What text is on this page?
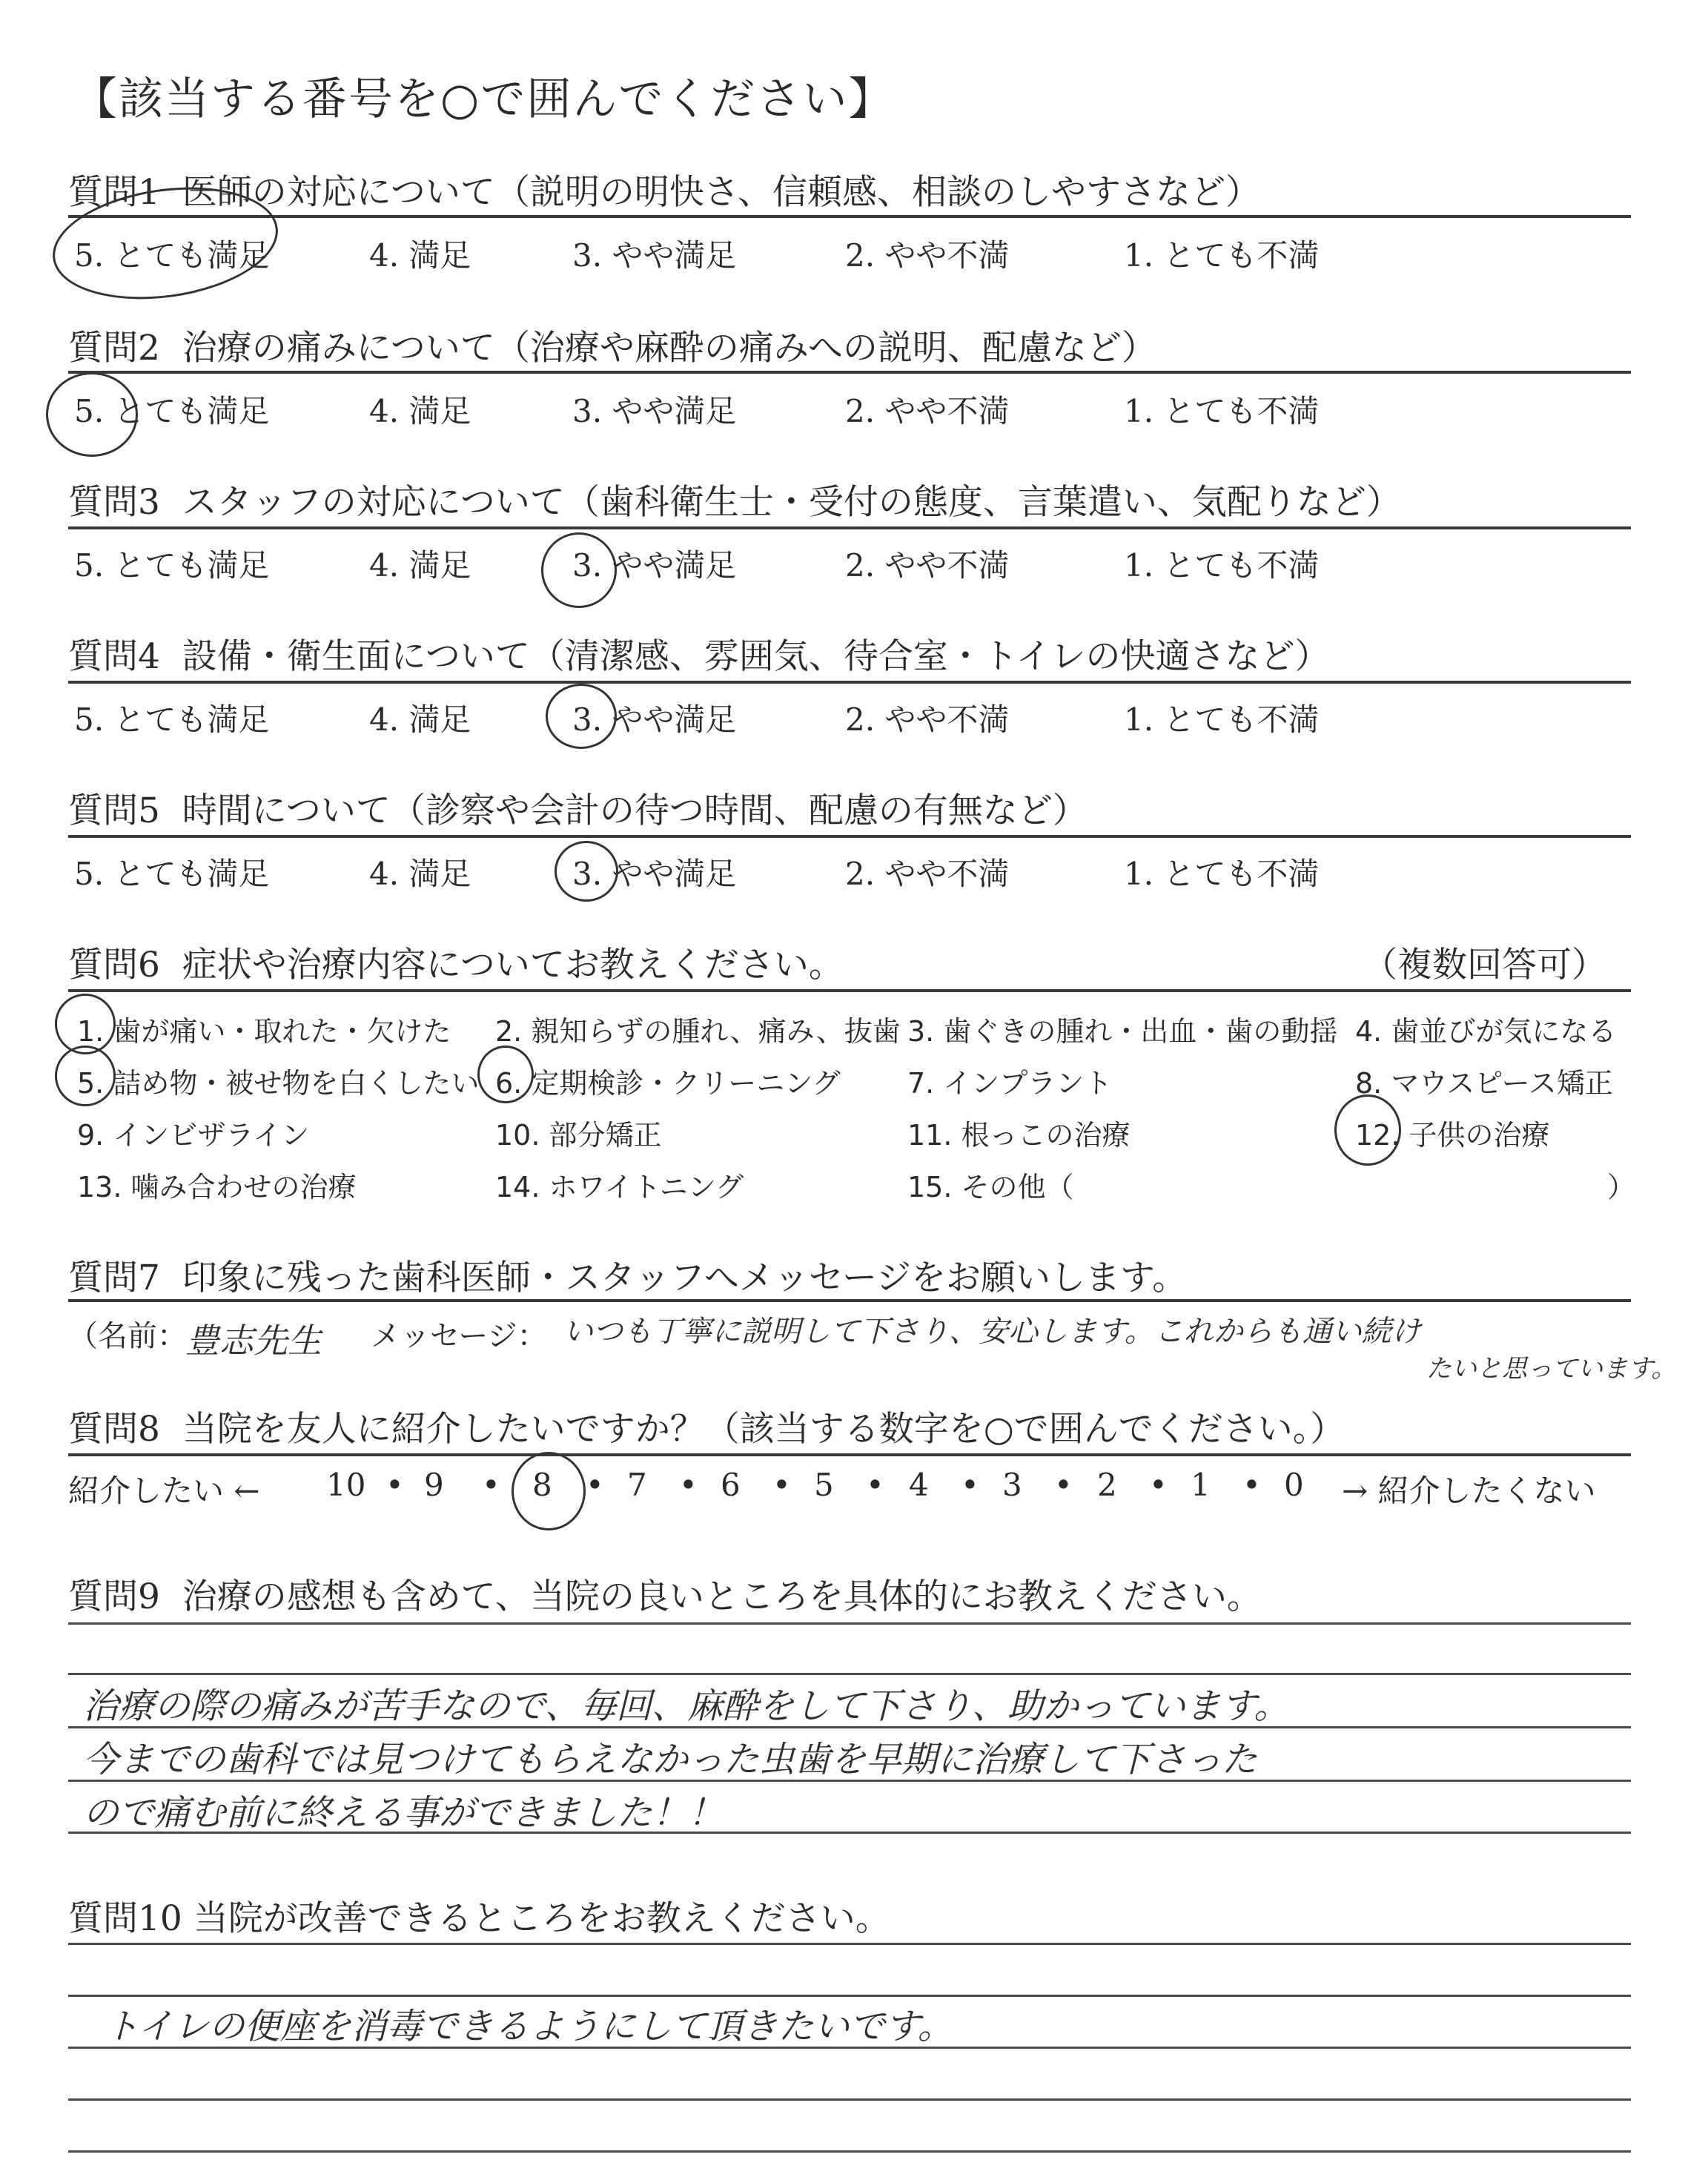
【該当する番号を○で囲んでください】
質問1 医師の対応について（説明の明快さ、信頼感、相談のしやすさなど）
5. とても満足	4. 満足	3. やや満足	2. やや不満	1. とても不満
質問2 治療の痛みについて（治療や麻酔の痛みへの説明、配慮など）
5. とても満足	4. 満足	3. やや満足	2. やや不満	1. とても不満
質問3 スタッフの対応について（歯科衛生士・受付の態度、言葉遣い、気配りなど）
5. とても満足	4. 満足	3. やや満足	2. やや不満	1. とても不満
質問4 設備・衛生面について（清潔感、雰囲気、待合室・トイレの快適さなど）
5. とても満足	4. 満足	3. やや満足	2. やや不満	1. とても不満
質問5 時間について（診察や会計の待つ時間、配慮の有無など）
5. とても満足	4. 満足	3. やや満足	2. やや不満	1. とても不満
質問6 症状や治療内容についてお教えください。	（複数回答可）
1. 歯が痛い・取れた・欠けた 2. 親知らずの腫れ、痛み、抜歯 3. 歯ぐきの腫れ・出血・歯の動揺 4. 歯並びが気になる
5. 詰め物・被せ物を白くしたい 6. 定期検診・クリーニング 7. インプラント	8. マウスピース矯正
9. インビザライン	10. 部分矯正	11. 根っこの治療	12. 子供の治療
13. 噛み合わせの治療	14. ホワイトニング	15. その他（	）
質問7 印象に残った歯科医師・スタッフへメッセージをお願いします。
（名前：
豊志先生 メッセージ： いつも丁寧に説明して下さり、安心します。これからも通い続け
たいと思っています。
質問8 当院を友人に紹介したいですか？（該当する数字を○で囲んでください。）
紹介したい ← 10 9	8 7 6 5 4 3 2 1 0 → 紹介したくない
•	•	• • • • • • • •
質問9 治療の感想も含めて、当院の良いところを具体的にお教えください。
治療の際の痛みが苦手なので、毎回、麻酔をして下さり、助かっています。
今までの歯科では見つけてもらえなかった虫歯を早期に治療して下さった
ので痛む前に終える事ができました！！
質問10 当院が改善できるところをお教えください。
トイレの便座を消毒できるようにして頂きたいです。
